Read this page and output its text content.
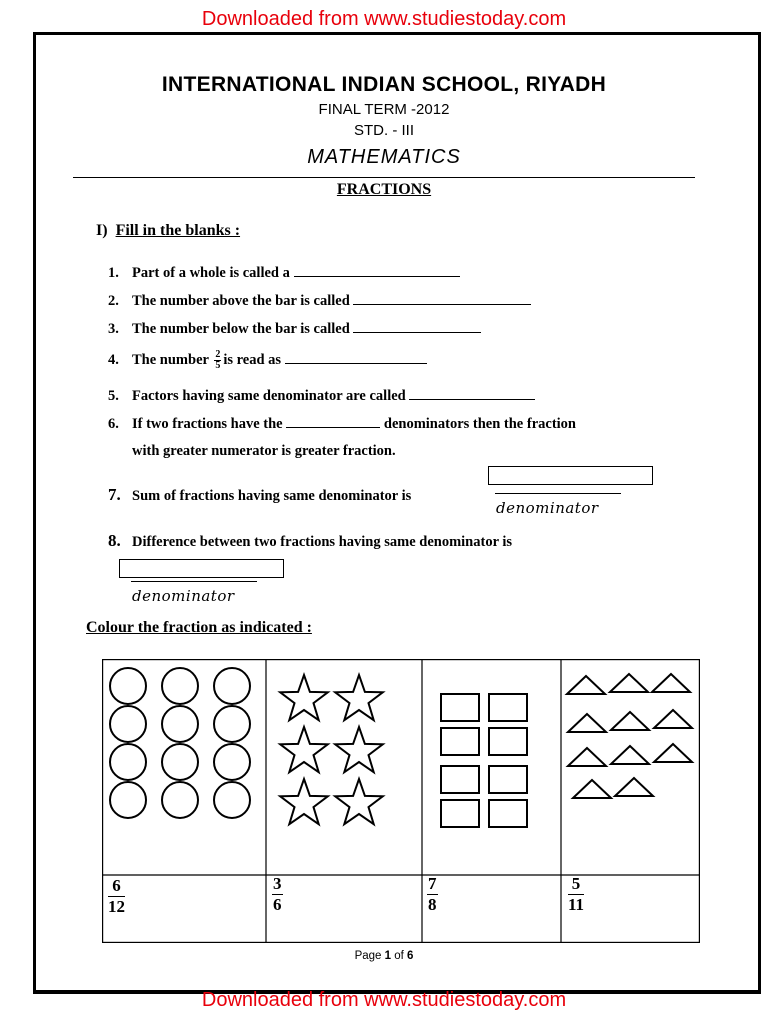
Downloaded from www.studiestoday.com
INTERNATIONAL INDIAN SCHOOL, RIYADH
FINAL TERM -2012
STD. - III
MATHEMATICS
FRACTIONS
I) Fill in the blanks :
1. Part of a whole is called a
2. The number above the bar is called
3. The number below the bar is called
4. The number $\frac{2}{5}$ is read as
5. Factors having same denominator are called
6. If two fractions have the	denominators then the fraction
with greater numerator is greater fraction.
7. Sum of fractions having same denominator is
denominator
8. Difference between two fractions having same denominator is
denominator
Colour the fraction as indicated :
$\frac{6}{12}$	$\frac{3}{6}$	$\frac{7}{8}$	$\frac{5}{11}$
Page 1 of 6
Downloaded from www.studiestoday.com
